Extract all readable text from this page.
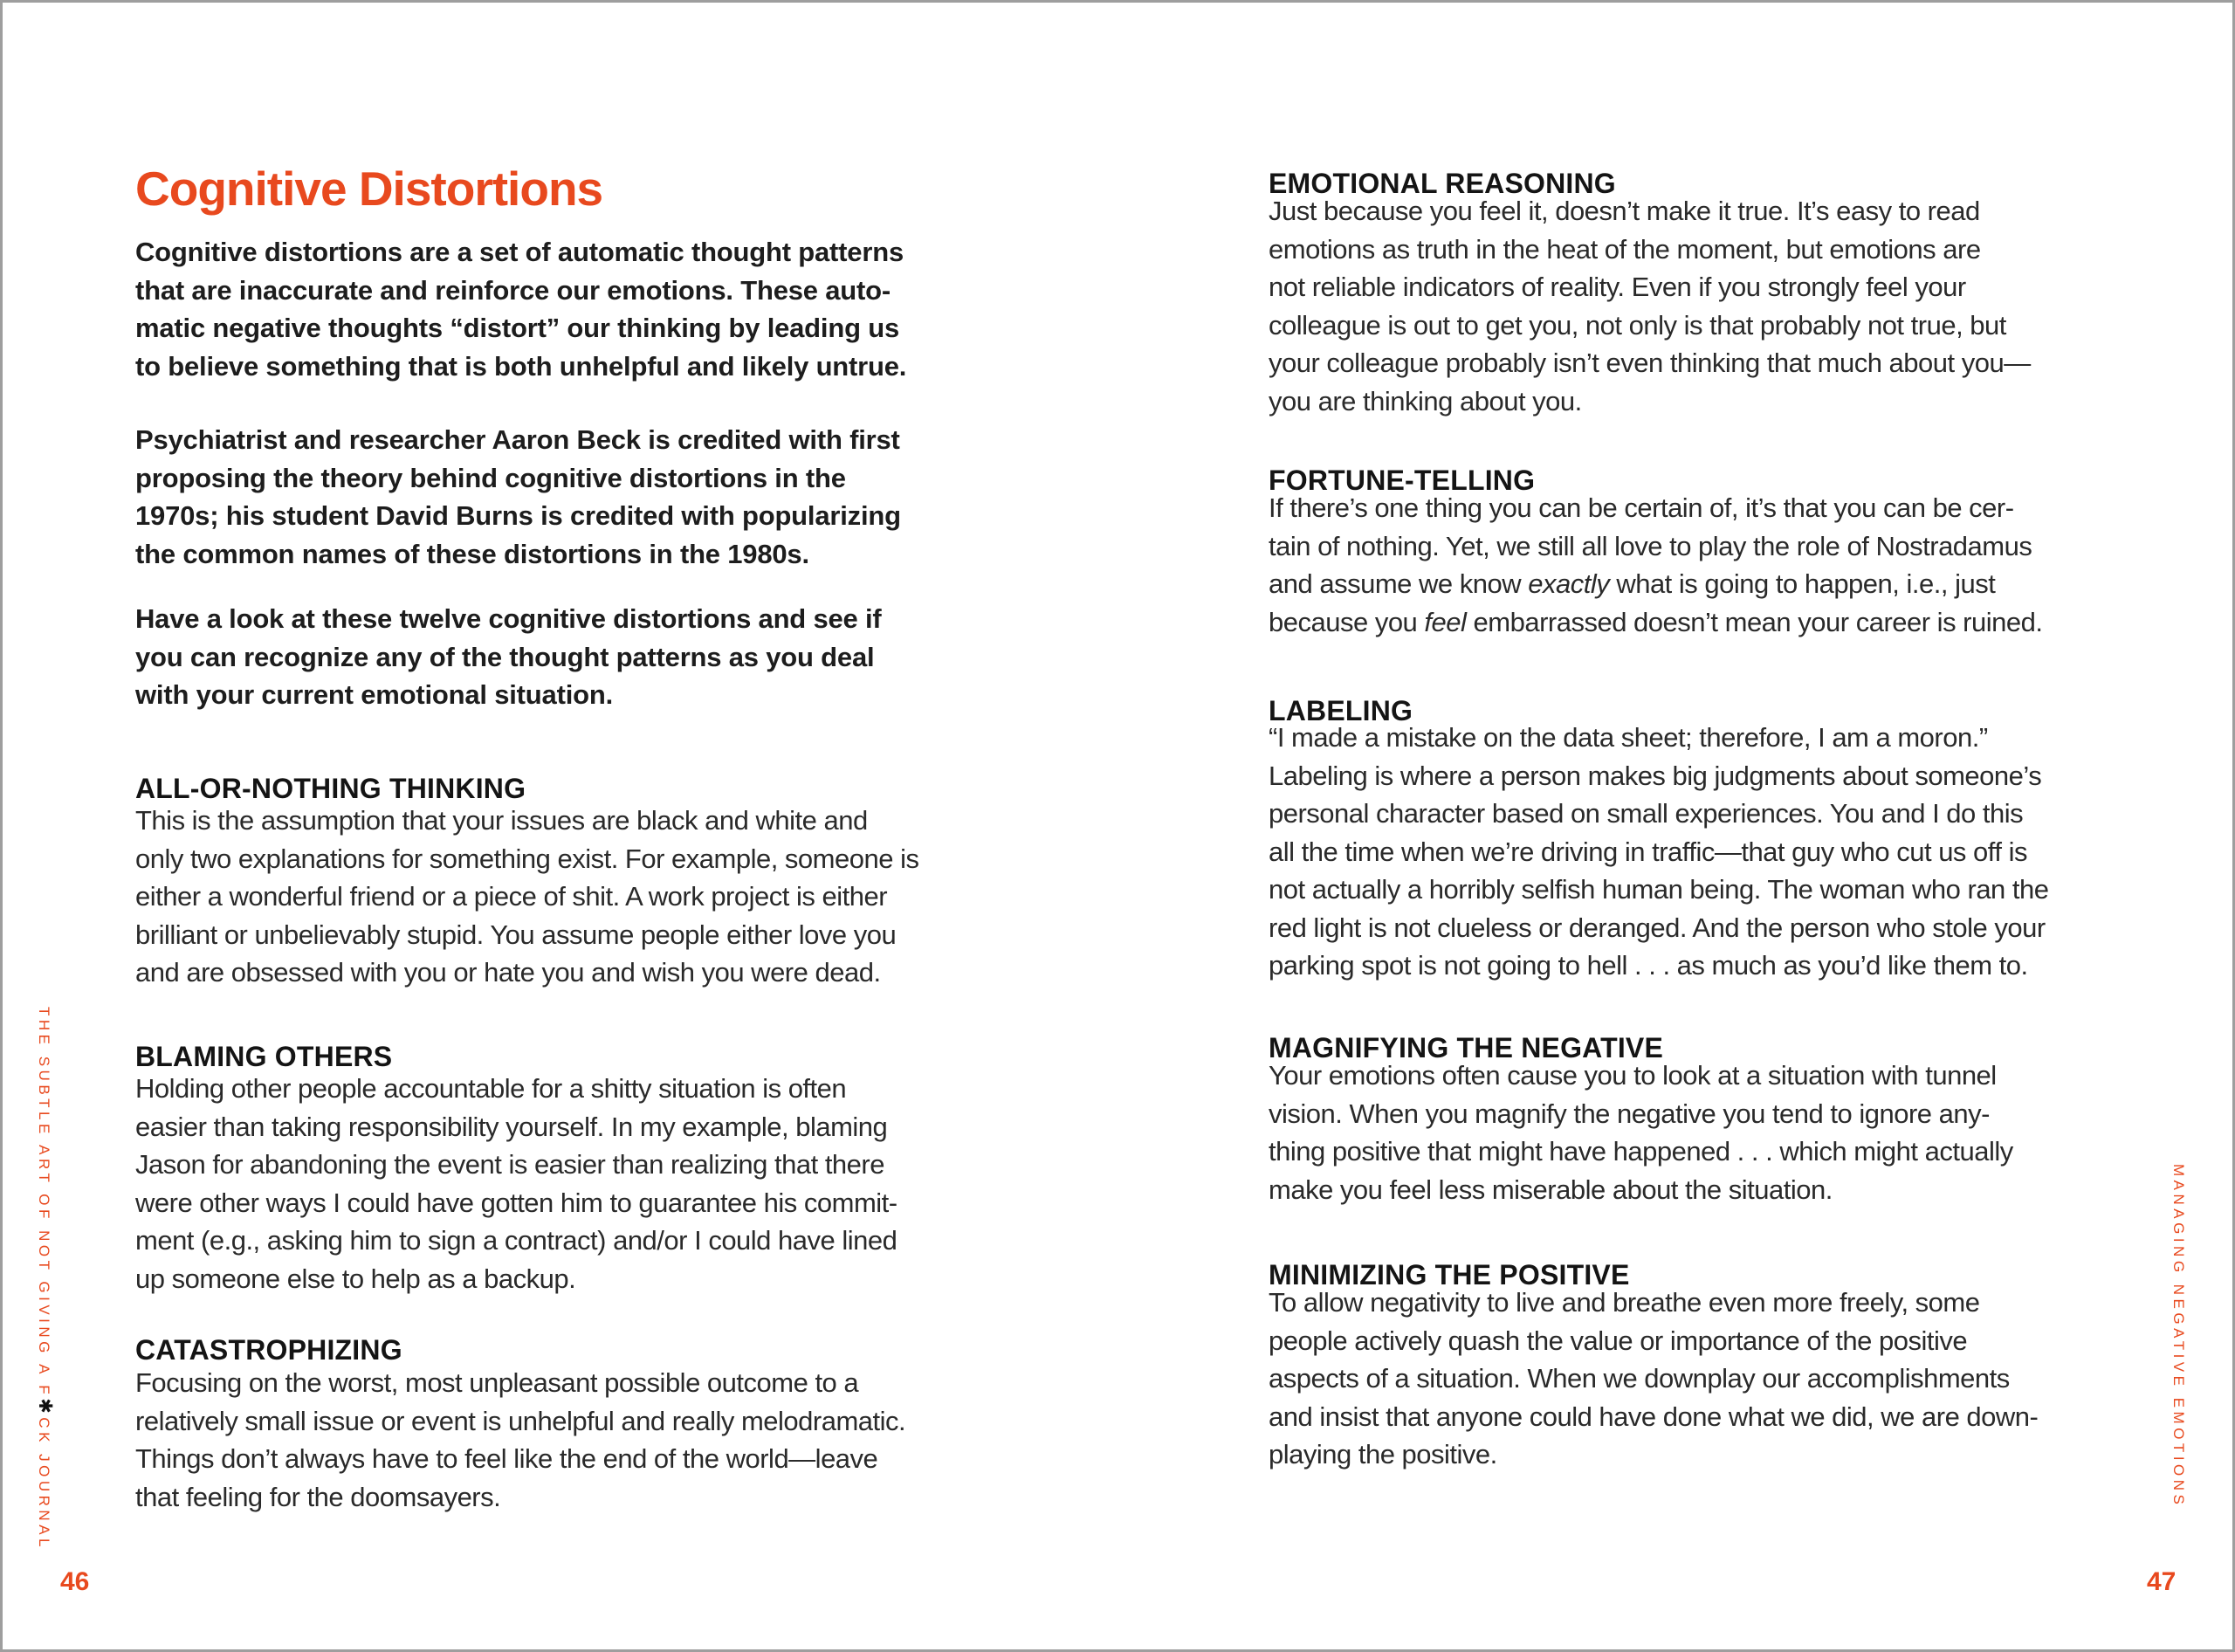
Cognitive Distortions
Cognitive distortions are a set of automatic thought patterns
that are inaccurate and reinforce our emotions. These auto-
matic negative thoughts “distort” our thinking by leading us
to believe something that is both unhelpful and likely untrue.
Psychiatrist and researcher Aaron Beck is credited with first
proposing the theory behind cognitive distortions in the
1970s; his student David Burns is credited with popularizing
the common names of these distortions in the 1980s.
Have a look at these twelve cognitive distortions and see if
you can recognize any of the thought patterns as you deal
with your current emotional situation.
ALL-OR-NOTHING THINKING
This is the assumption that your issues are black and white and
only two explanations for something exist. For example, someone is
either a wonderful friend or a piece of shit. A work project is either
brilliant or unbelievably stupid. You assume people either love you
and are obsessed with you or hate you and wish you were dead.
BLAMING OTHERS
Holding other people accountable for a shitty situation is often
easier than taking responsibility yourself. In my example, blaming
Jason for abandoning the event is easier than realizing that there
were other ways I could have gotten him to guarantee his commit-
ment (e.g., asking him to sign a contract) and/or I could have lined
up someone else to help as a backup.
CATASTROPHIZING
Focusing on the worst, most unpleasant possible outcome to a
relatively small issue or event is unhelpful and really melodramatic.
Things don’t always have to feel like the end of the world—leave
that feeling for the doomsayers.
EMOTIONAL REASONING
Just because you feel it, doesn’t make it true. It’s easy to read
emotions as truth in the heat of the moment, but emotions are
not reliable indicators of reality. Even if you strongly feel your
colleague is out to get you, not only is that probably not true, but
your colleague probably isn’t even thinking that much about you—
you are thinking about you.
FORTUNE-TELLING
If there’s one thing you can be certain of, it’s that you can be cer-
tain of nothing. Yet, we still all love to play the role of Nostradamus
and assume we know exactly what is going to happen, i.e., just
because you feel embarrassed doesn’t mean your career is ruined.
LABELING
“I made a mistake on the data sheet; therefore, I am a moron.”
Labeling is where a person makes big judgments about someone’s
personal character based on small experiences. You and I do this
all the time when we’re driving in traffic—that guy who cut us off is
not actually a horribly selfish human being. The woman who ran the
red light is not clueless or deranged. And the person who stole your
parking spot is not going to hell . . . as much as you’d like them to.
MAGNIFYING THE NEGATIVE
Your emotions often cause you to look at a situation with tunnel
vision. When you magnify the negative you tend to ignore any-
thing positive that might have happened . . . which might actually
make you feel less miserable about the situation.
MINIMIZING THE POSITIVE
To allow negativity to live and breathe even more freely, some
people actively quash the value or importance of the positive
aspects of a situation. When we downplay our accomplishments
and insist that anyone could have done what we did, we are down-
playing the positive.
THE SUBTLE ART OF NOT GIVING A F✱CK JOURNAL	MANAGING NEGATIVE EMOTIONS
46	47
